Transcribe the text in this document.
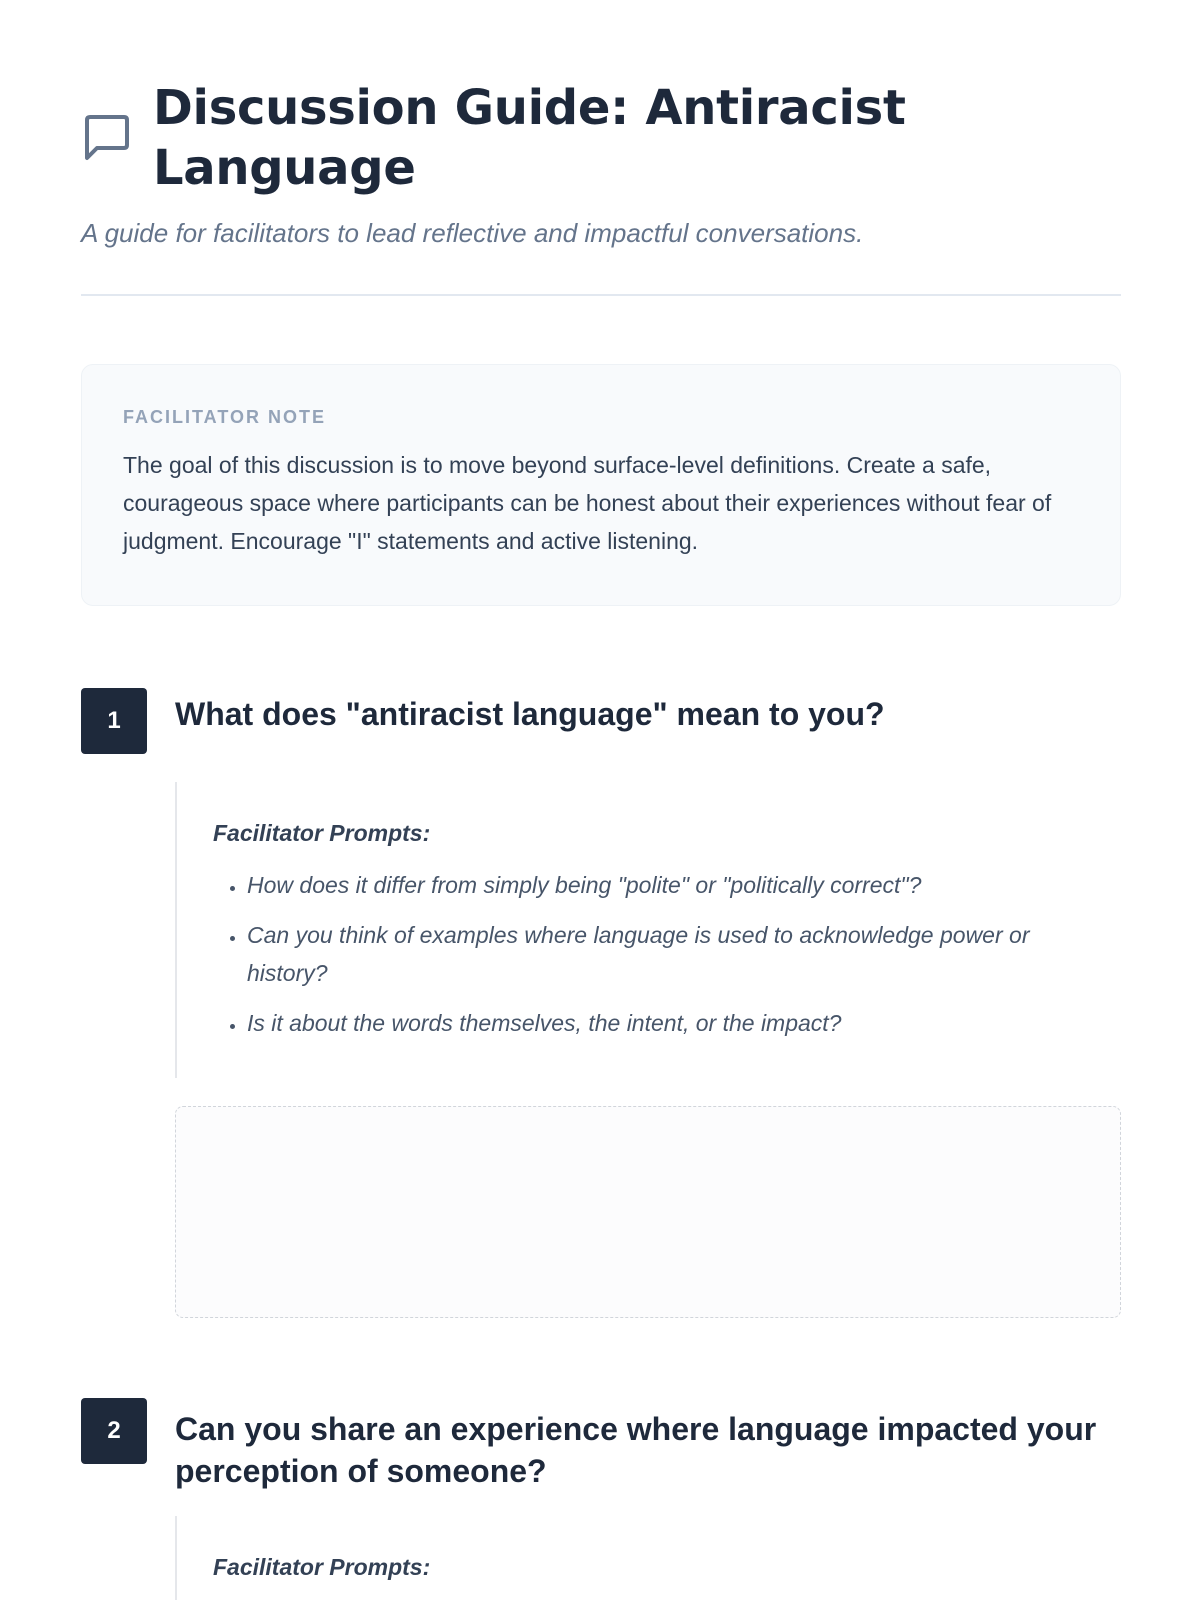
Discussion Guide: Antiracist Language

A guide for facilitators to lead reflective and impactful conversations.

FACILITATOR NOTE

The goal of this discussion is to move beyond surface-level definitions. Create a safe, courageous space where participants can be honest about their experiences without fear of judgment. Encourage "I" statements and active listening.

1	What does "antiracist language" mean to you?

Facilitator Prompts:

• How does it differ from simply being "polite" or "politically correct"?
• Can you think of examples where language is used to acknowledge power or history?
• Is it about the words themselves, the intent, or the impact?
2	Can you share an experience where language impacted your perception of someone?

Facilitator Prompts:
